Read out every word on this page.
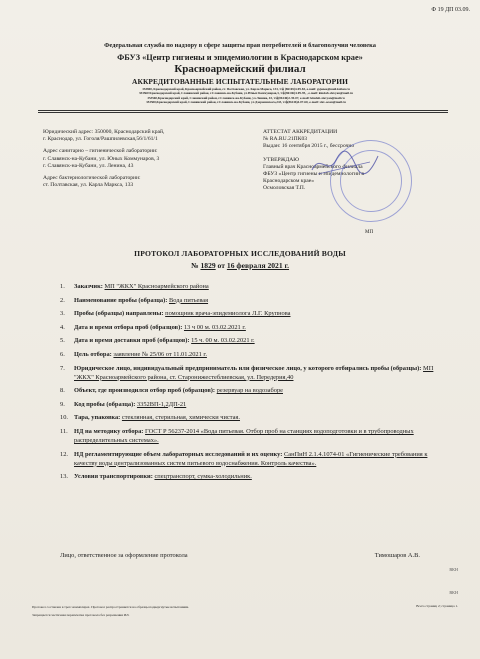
Ф 19 ДП 03.09.
Федеральная служба по надзору в сфере защиты прав потребителей и благополучия человека
ФБУЗ «Центр гигиены и эпидемиологии в Краснодарском крае»
Красноармейский филиал
АККРЕДИТОВАННЫЕ ИСПЫТАТЕЛЬНЫЕ ЛАБОРАТОРИИ
353800, Краснодарский край, Красноармейский район, ст. Полтавская, ул. Карла Маркса, 133, т/ф (86165)4-09-83, e-mail: gsjoneo@mail.kuban.ru
353560 Краснодарский край, Славянский район, г.Славянск-на-Кубани, ул.Юных Коммунаров,3, т/ф(86146)4-09-95, , e-mail: kinslab-slavyan@mail.ru
353560,Краснодарский край, Славянский район, г.Славянск-на-Кубани, ул.Ленина, 43, т/ф(86146)2-39-07, e-mail: kinslab-slavyan@mail.ru
353500,Краснодарский край, Славянский район, г.Славянск-на-Кубани, ул.Дзержинского,243, т/ф(86146)4-07-60, e-mail: slav-sessn@mail.ru
Юридический адрес: 350000, Краснодарский край,
г. Краснодар, ул. Гоголя/Рашпилевская,56/1/61/1
Адрес санитарно – гигиенической лаборатории:
г. Славянск-на-Кубани, ул. Юных Коммунаров, 3
г. Славянск-на-Кубани, ул. Ленина, 43
Адрес бактериологической лаборатории:
ст. Полтавская, ул. Карла Маркса, 133
АТТЕСТАТ АККРЕДИТАЦИИ
№ RA.RU.21ПК03
Выдан: 16 сентября 2015 г., бессрочно
УТВЕРЖДАЮ
Главный врач Красноармейского филиала
ФБУЗ «Центр гигиены и эпидемиологии в
Краснодарском крае»
Осмоловская Т.П.
МП
ПРОТОКОЛ ЛАБОРАТОРНЫХ ИССЛЕДОВАНИЙ ВОДЫ
№ 1829 от 16 февраля 2021 г.
1.	Заказчик: МП "ЖКХ" Красноармейского района
2.	Наименование пробы (образца): Вода питьевая
3.	Пробы (образцы) направлены: помощник врача-эпидемиолога Л.Г. Крупнова
4.	Дата и время отбора проб (образцов): 13 ч 00 м. 03.02.2021 г.
5.	Дата и время доставки проб (образцов): 15 ч. 00 м. 03.02.2021 г.
6.	Цель отбора: заявление № 25/06 от 11.01.2021 г.
7.	Юридическое лицо, индивидуальный предприниматель или физическое лицо, у которого отбирались пробы (образцы): МП "ЖКХ" Красноармейского района, ст. Старонижестеблиевская, ул. Передерия,40
8.	Объект, где производился отбор проб (образцов): резервуар на водозаборе
9.	Код пробы (образца): 3352ВП-1,2ДП-21
10. Тара, упаковка: стеклянная, стерильная, химически чистая.
11. НД на методику отбора: ГОСТ Р 56237-2014 «Вода питьевая. Отбор проб на станциях водоподготовки и в трубопроводных распределительных системах».
12. НД регламентирующие объем лабораторных исследований и их оценку: СанПиН 2.1.4.1074-01 «Гигиенические требования к качеству воды централизованных систем питьевого водоснабжения. Контроль качества».
13. Условия транспортировки: спецтранспорт, сумка-холодильник.
Лицо, ответственное за оформление протокола	Тимошаров А.В.
ВКН
ВКН
Протокол составлен в трех экземплярах. Протокол распространяется на образцы подвергнутые испытаниям.
Запрещается частичная перепечатка протокола без разрешения ИЛ.
Всего страниц 2; страница 1.
